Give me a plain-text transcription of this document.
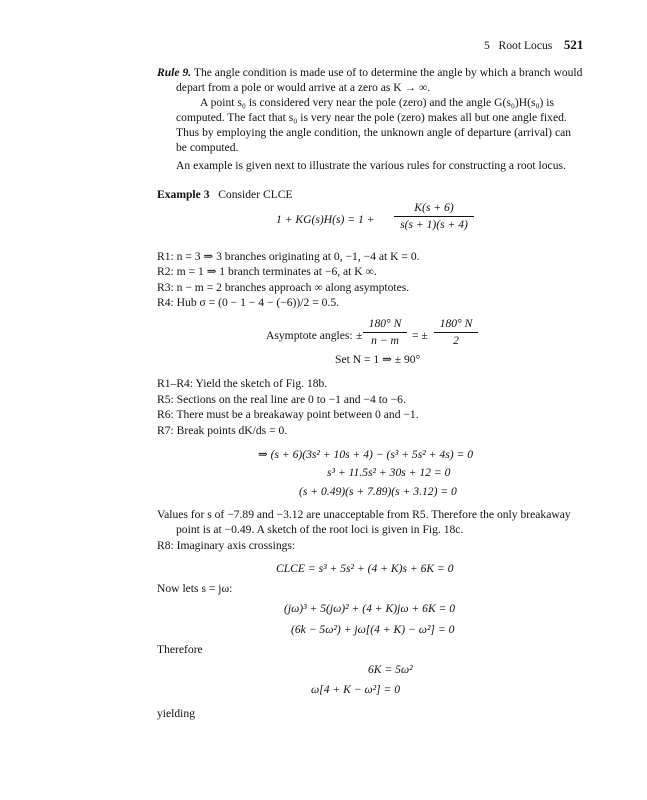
5 Root Locus 521
Rule 9. The angle condition is made use of to determine the angle by which a branch would
depart from a pole or would arrive at a zero as K → ∞.
A point s₀ is considered very near the pole (zero) and the angle G(s₀)H(s₀) is
computed. The fact that s₀ is very near the pole (zero) makes all but one angle fixed.
Thus by employing the angle condition, the unknown angle of departure (arrival) can
be computed.
An example is given next to illustrate the various rules for constructing a root locus.
Example 3 Consider CLCE
1 + KG(s)H(s) = 1 +
K(s + 6)
s(s + 1)(s + 4)
R1: n = 3 ⇒ 3 branches originating at 0, −1, −4 at K = 0.
R2: m = 1 ⇒ 1 branch terminates at −6, at K ∞.
R3: n − m = 2 branches approach ∞ along asymptotes.
R4: Hub σ = (0 − 1 − 4 − (−6))/2 = 0.5.
Asymptote angles: ±
180° N
n − m	= ±
180° N
2
Set N = 1 ⇒ ± 90°
R1–R4: Yield the sketch of Fig. 18b.
R5: Sections on the real line are 0 to −1 and −4 to −6.
R6: There must be a breakaway point between 0 and −1.
R7: Break points dK/ds = 0.
⇒ (s + 6)(3s² + 10s + 4) − (s³ + 5s² + 4s) = 0
s³ + 11.5s² + 30s + 12 = 0
(s + 0.49)(s + 7.89)(s + 3.12) = 0
Values for s of −7.89 and −3.12 are unacceptable from R5. Therefore the only breakaway
point is at −0.49. A sketch of the root loci is given in Fig. 18c.
R8: Imaginary axis crossings:
CLCE = s³ + 5s² + (4 + K)s + 6K = 0
Now lets s = jω:
(jω)³ + 5(jω)² + (4 + K)jω + 6K = 0
(6k − 5ω²) + jω[(4 + K) − ω²] = 0
Therefore
6K = 5ω²
ω[4 + K − ω²] = 0
yielding
